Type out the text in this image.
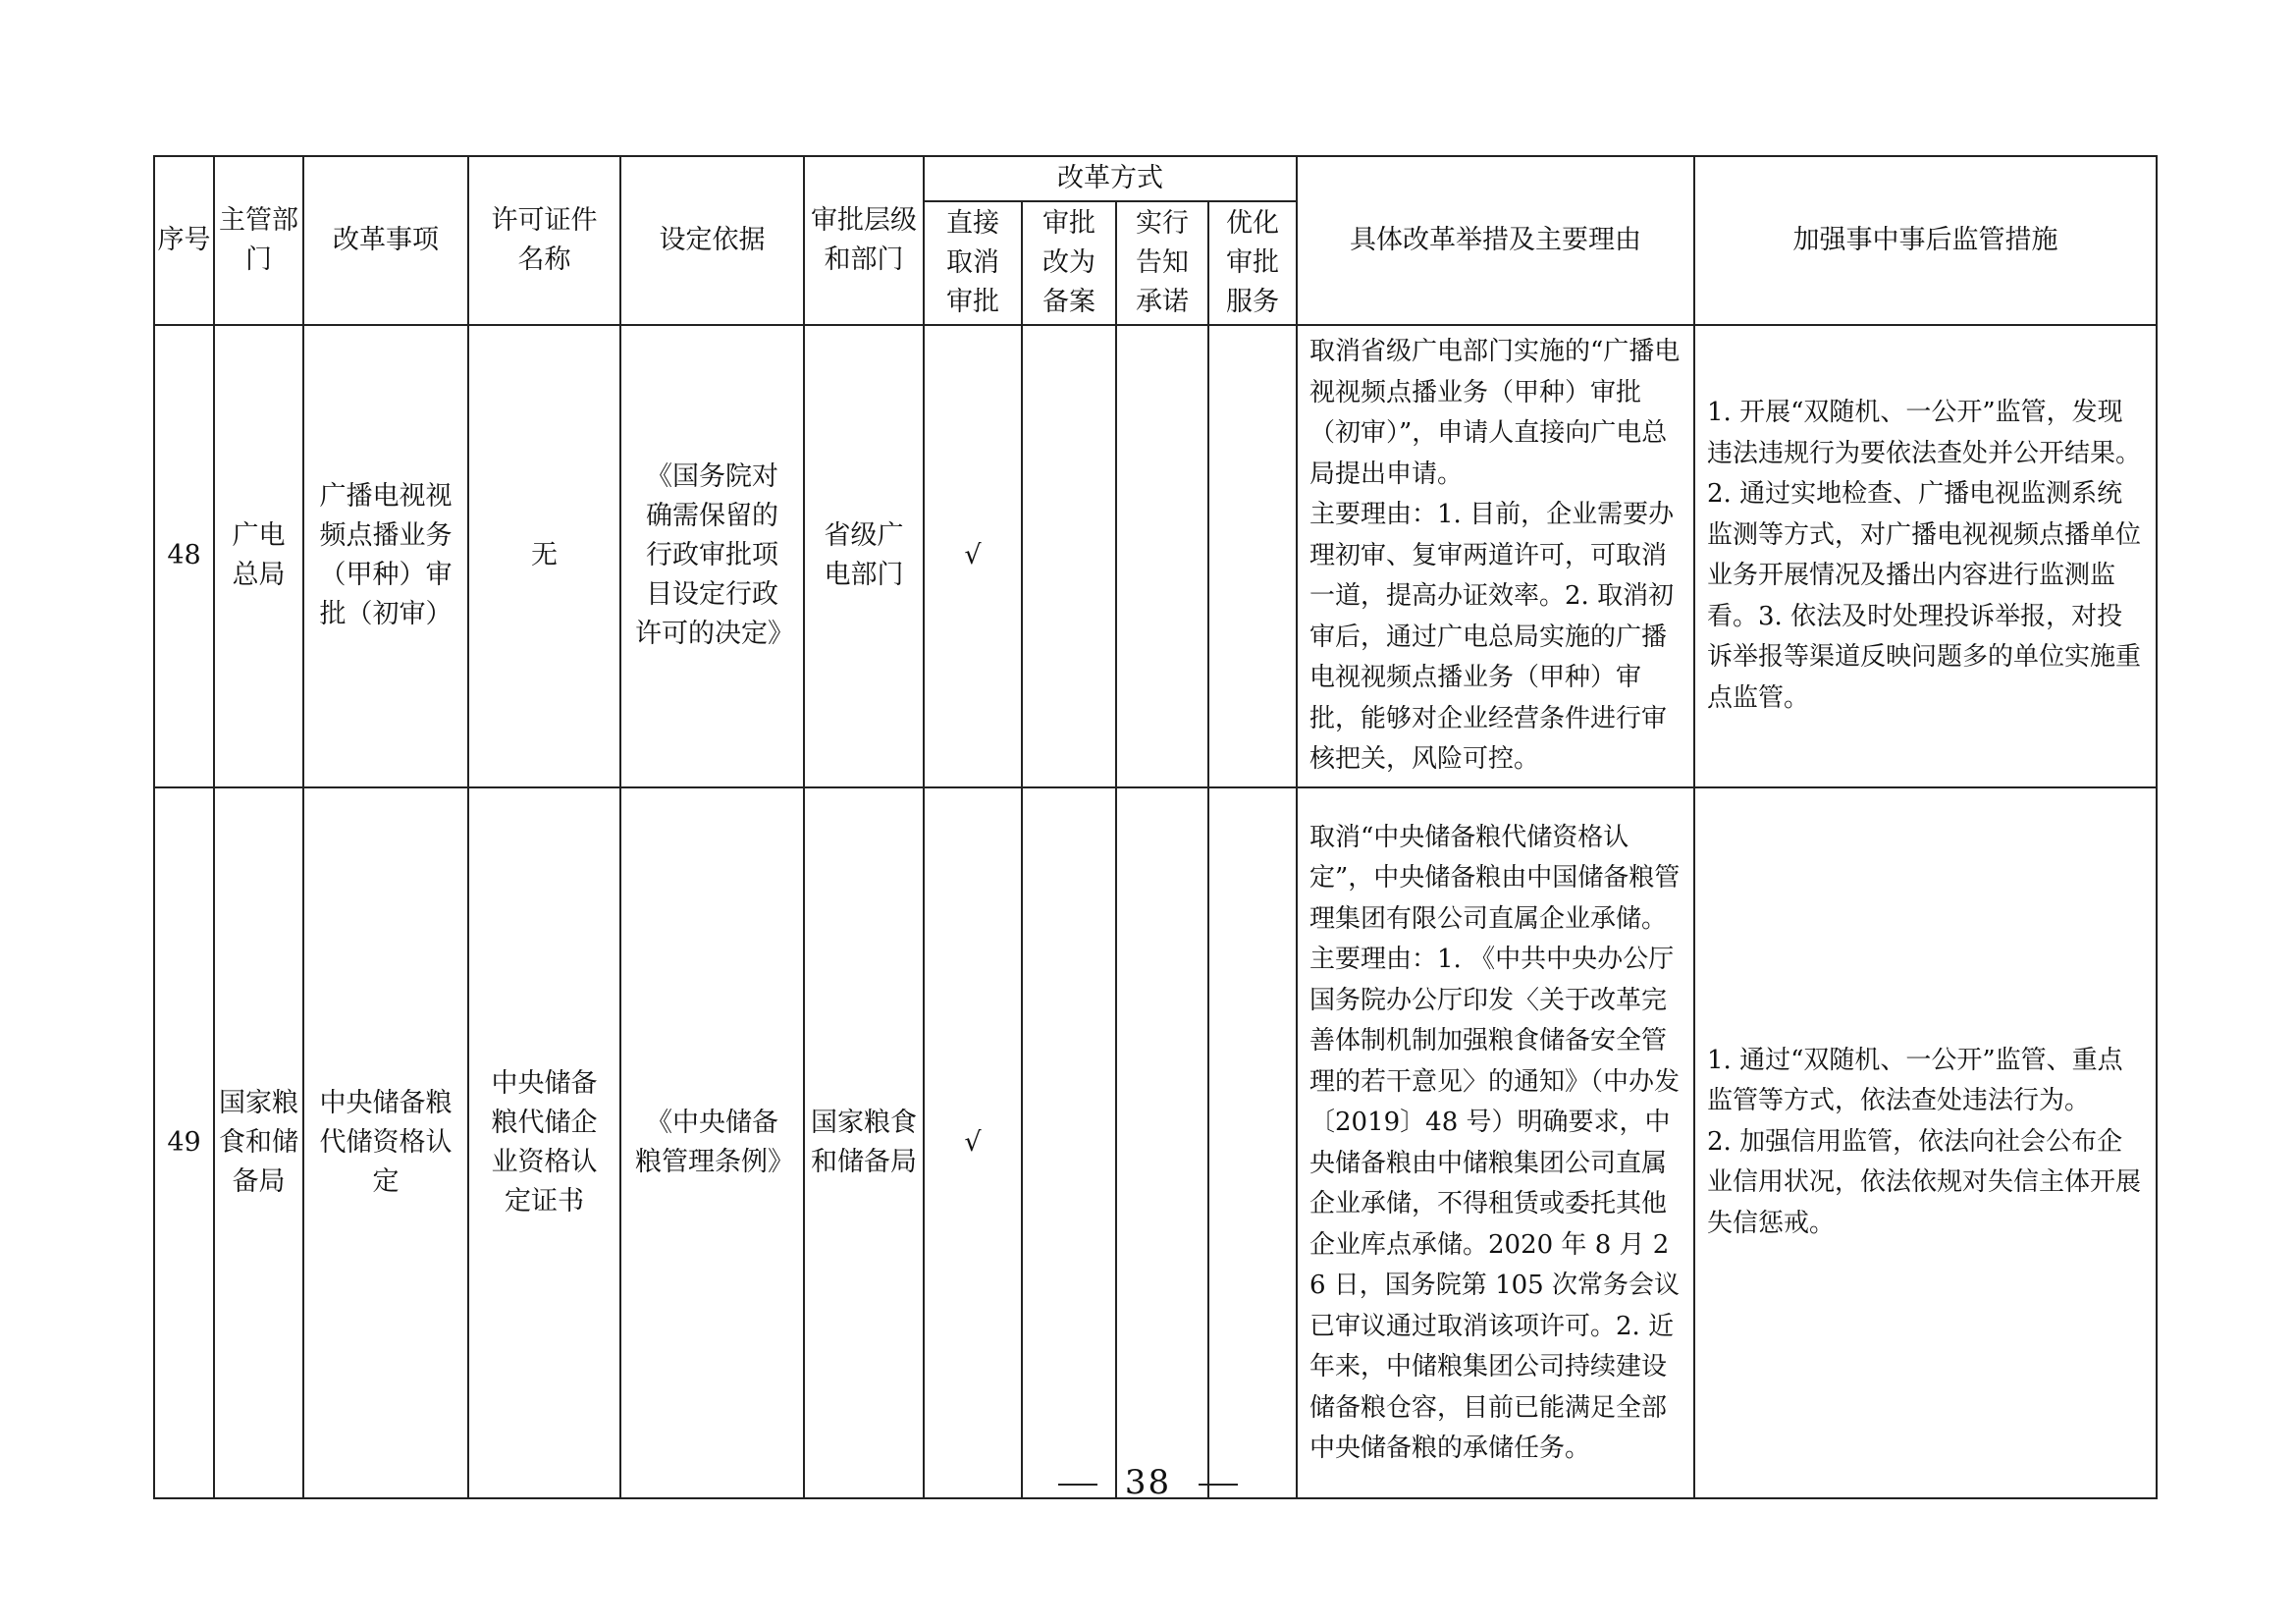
序号	主管部门	改革事项	许可证件名称	设定依据	审批层级和部门	改革方式				具体改革举措及主要理由	加强事中事后监管措施
						直接取消审批	审批改为备案	实行告知承诺	优化审批服务		
48	广电总局	广播电视视频点播业务（甲种）审批（初审）	无	《国务院对确需保留的行政审批项目设定行政许可的决定》	省级广电部门	√				取消省级广电部门实施的“广播电视视频点播业务（甲种）审批（初审）”，申请人直接向广电总局提出申请。
主要理由：1. 目前，企业需要办理初审、复审两道许可，可取消一道，提高办证效率。2. 取消初审后，通过广电总局实施的广播电视视频点播业务（甲种）审批，能够对企业经营条件进行审核把关，风险可控。	1. 开展“双随机、一公开”监管，发现违法违规行为要依法查处并公开结果。2. 通过实地检查、广播电视监测系统监测等方式，对广播电视视频点播单位业务开展情况及播出内容进行监测监看。3. 依法及时处理投诉举报，对投诉举报等渠道反映问题多的单位实施重点监管。
49	国家粮食和储备局	中央储备粮代储资格认定	中央储备粮代储企业资格认定证书	《中央储备粮管理条例》	国家粮食和储备局	√				取消“中央储备粮代储资格认定”，中央储备粮由中国储备粮管理集团有限公司直属企业承储。
主要理由：1. 《中共中央办公厅国务院办公厅印发〈关于改革完善体制机制加强粮食储备安全管理的若干意见〉的通知》（中办发〔2019〕48 号）明确要求，中央储备粮由中储粮集团公司直属企业承储，不得租赁或委托其他企业库点承储。2020 年 8 月 26 日，国务院第 105 次常务会议已审议通过取消该项许可。2. 近年来，中储粮集团公司持续建设储备粮仓容，目前已能满足全部中央储备粮的承储任务。	1. 通过“双随机、一公开”监管、重点监管等方式，依法查处违法行为。
2. 加强信用监管，依法向社会公布企业信用状况，依法依规对失信主体开展失信惩戒。
38
